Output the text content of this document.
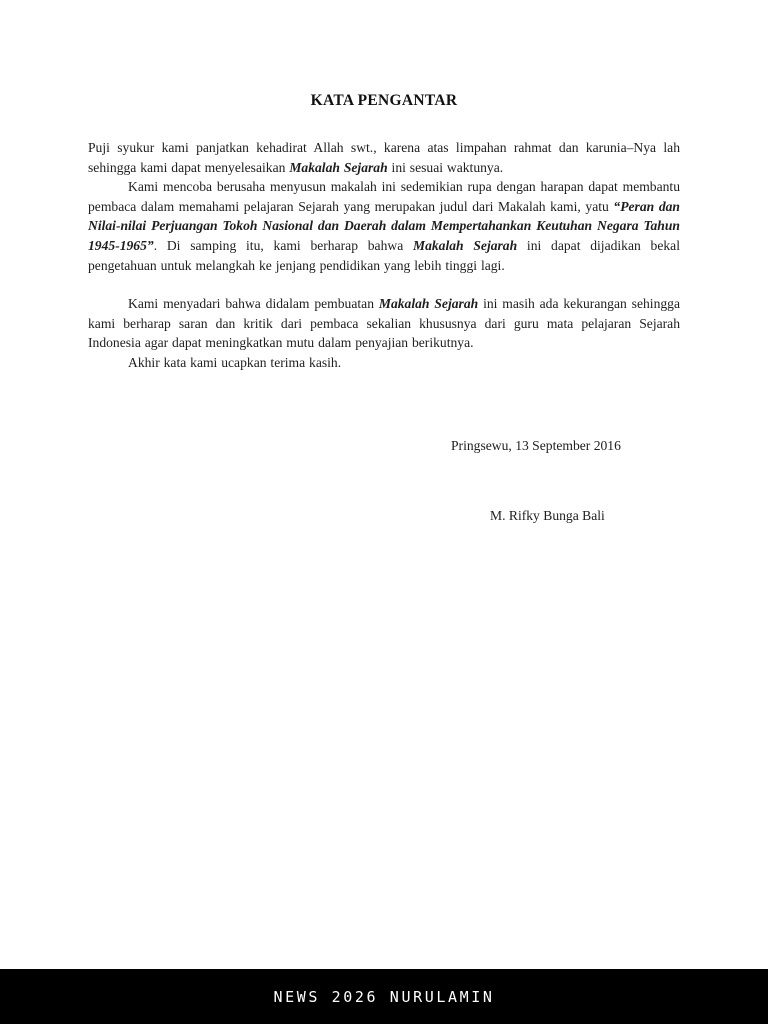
KATA PENGANTAR

Puji syukur kami panjatkan kehadirat Allah swt., karena atas limpahan rahmat dan karunia–Nya lah sehingga kami dapat menyelesaikan Makalah Sejarah ini sesuai waktunya.

Kami mencoba berusaha menyusun makalah ini sedemikian rupa dengan harapan dapat membantu pembaca dalam memahami pelajaran Sejarah yang merupakan judul dari Makalah kami, yatu “Peran dan Nilai-nilai Perjuangan Tokoh Nasional dan Daerah dalam Mempertahankan Keutuhan Negara Tahun 1945-1965”. Di samping itu, kami berharap bahwa Makalah Sejarah ini dapat dijadikan bekal pengetahuan untuk melangkah ke jenjang pendidikan yang lebih tinggi lagi.

Kami menyadari bahwa didalam pembuatan Makalah Sejarah ini masih ada kekurangan sehingga kami berharap saran dan kritik dari pembaca sekalian khususnya dari guru mata pelajaran Sejarah Indonesia agar dapat meningkatkan mutu dalam penyajian berikutnya.

Akhir kata kami ucapkan terima kasih.

Pringsewu, 13 September 2016
M. Rifky Bunga Bali
NEWS 2026 NURULAMIN
